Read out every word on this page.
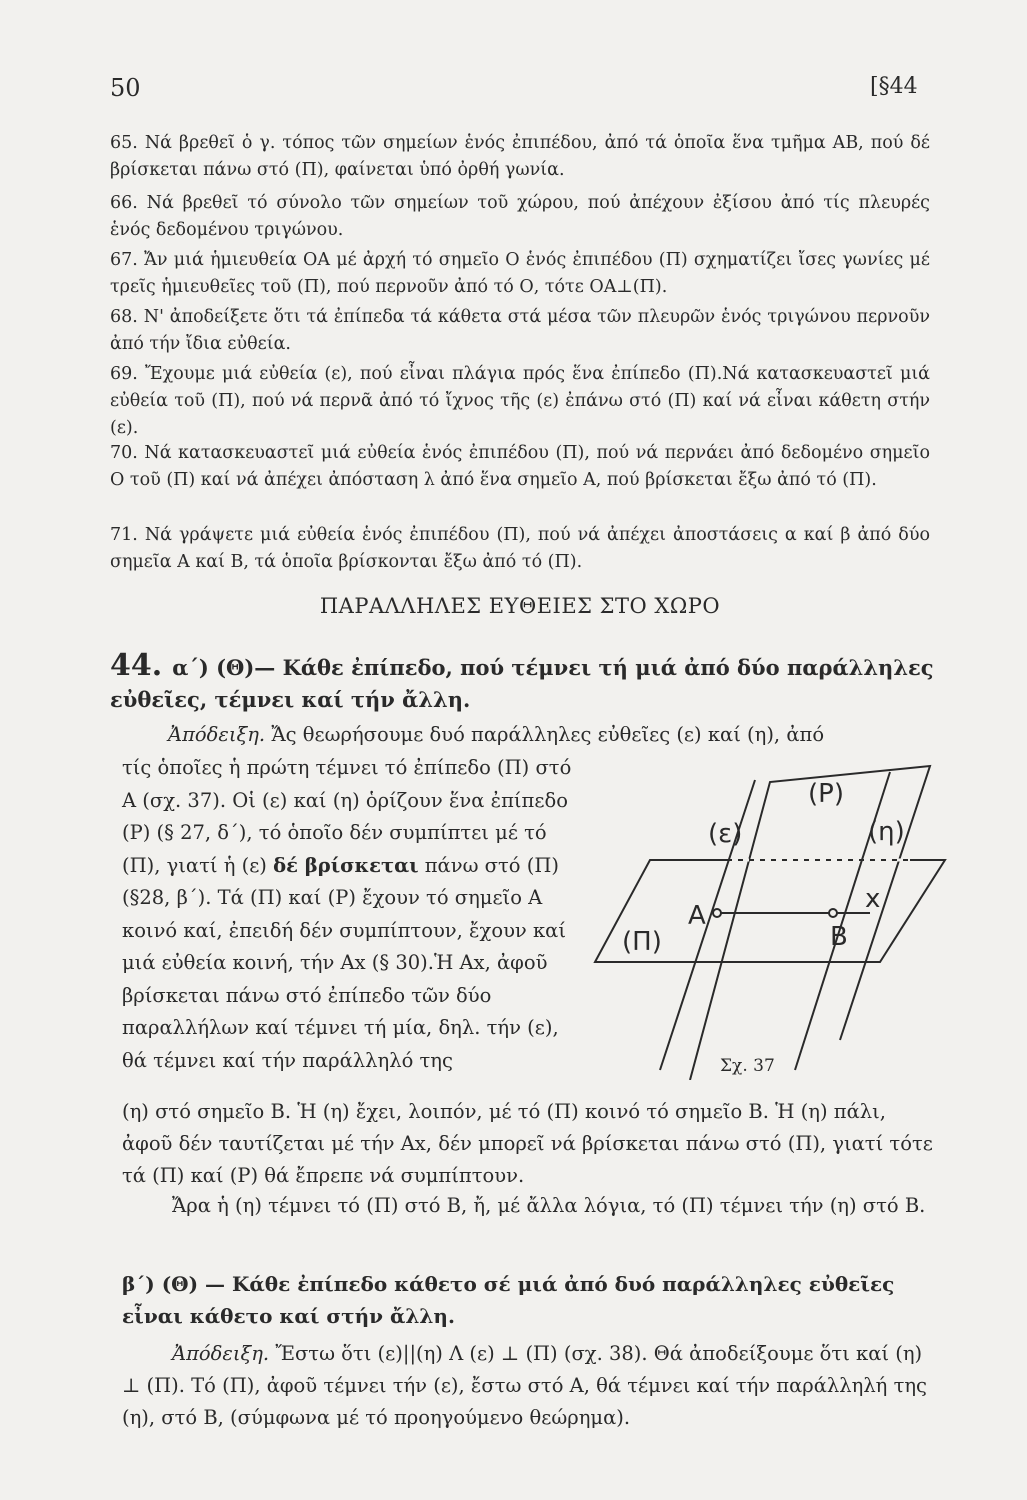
50	[§44

65. Νά βρεθεῖ ὁ γ. τόπος τῶν σημείων ἑνός ἐπιπέδου, ἀπό τά ὁποῖα ἕνα τμῆμα ΑΒ, πού δέ βρίσκεται πάνω στό (Π), φαίνεται ὑπό ὀρθή γωνία.

66. Νά βρεθεῖ τό σύνολο τῶν σημείων τοῦ χώρου, πού ἀπέχουν ἐξίσου ἀπό τίς πλευρές ἑνός δεδομένου τριγώνου.

67. Ἄν μιά ἡμιευθεία ΟΑ μέ ἀρχή τό σημεῖο Ο ἑνός ἐπιπέδου (Π) σχηματίζει ἴσες γωνίες μέ τρεῖς ἡμιευθεῖες τοῦ (Π), πού περνοῦν ἀπό τό Ο, τότε ΟΑ⊥(Π).

68. Ν' ἀποδείξετε ὅτι τά ἐπίπεδα τά κάθετα στά μέσα τῶν πλευρῶν ἑνός τριγώνου περνοῦν ἀπό τήν ἴδια εὐθεία.

69. Ἔχουμε μιά εὐθεία (ε), πού εἶναι πλάγια πρός ἕνα ἐπίπεδο (Π).Νά κατασκευαστεῖ μιά εὐθεία τοῦ (Π), πού νά περνᾶ ἀπό τό ἴχνος τῆς (ε) ἐπάνω στό (Π) καί νά εἶναι κάθετη στήν (ε).

70. Νά κατασκευαστεῖ μιά εὐθεία ἑνός ἐπιπέδου (Π), πού νά περνάει ἀπό δεδομένο σημεῖο Ο τοῦ (Π) καί νά ἀπέχει ἀπόσταση λ ἀπό ἕνα σημεῖο Α, πού βρίσκεται ἔξω ἀπό τό (Π).

71. Νά γράψετε μιά εὐθεία ἑνός ἐπιπέδου (Π), πού νά ἀπέχει ἀποστάσεις α καί β ἀπό δύο σημεῖα Α καί Β, τά ὁποῖα βρίσκονται ἔξω ἀπό τό (Π).

ΠΑΡΑΛΛΗΛΕΣ ΕΥΘΕΙΕΣ ΣΤΟ ΧΩΡΟ

44. α΄) (Θ)— Κάθε ἐπίπεδο, πού τέμνει τή μιά ἀπό δύο παράλληλες εὐθεῖες, τέμνει καί τήν ἄλλη.

Ἀπόδειξη. Ἄς θεωρήσουμε δυό παράλληλες εὐθεῖες (ε) καί (η), ἀπό

τίς ὁποῖες ἡ πρώτη τέμνει τό ἐπίπεδο (Π) στό Α (σχ. 37). Οἱ (ε) καί (η) ὁρίζουν ἕνα ἐπίπεδο (Ρ) (§ 27, δ΄), τό ὁποῖο δέν συμπίπτει μέ τό (Π), γιατί ἡ (ε) δέ βρίσκεται πάνω στό (Π) (§28, β΄). Τά (Π) καί (Ρ) ἔχουν τό σημεῖο Α κοινό καί, ἐπειδή δέν συμπίπτουν, ἔχουν καί μιά εὐθεία κοινή, τήν Αx (§ 30).Ἡ Αx, ἀφοῦ βρίσκεται πάνω στό ἐπίπεδο τῶν δύο παραλλήλων καί τέμνει τή μία, δηλ. τήν (ε), θά τέμνει καί τήν παράλληλό της

(Ρ)
(ε)	(η)
x
Α
Β
(Π)
Σχ. 37

(η) στό σημεῖο Β. Ἡ (η) ἔχει, λοιπόν, μέ τό (Π) κοινό τό σημεῖο Β. Ἡ (η) πάλι, ἀφοῦ δέν ταυτίζεται μέ τήν Αx, δέν μπορεῖ νά βρίσκεται πάνω στό (Π), γιατί τότε τά (Π) καί (Ρ) θά ἔπρεπε νά συμπίπτουν.

Ἄρα ἡ (η) τέμνει τό (Π) στό Β, ἤ, μέ ἄλλα λόγια, τό (Π) τέμνει τήν (η) στό Β.

β΄) (Θ) — Κάθε ἐπίπεδο κάθετο σέ μιά ἀπό δυό παράλληλες εὐθεῖες εἶναι κάθετο καί στήν ἄλλη.

Ἀπόδειξη. Ἔστω ὅτι (ε)||(η) Λ (ε) ⊥ (Π) (σχ. 38). Θά ἀποδείξουμε ὅτι καί (η) ⊥ (Π). Τό (Π), ἀφοῦ τέμνει τήν (ε), ἔστω στό Α, θά τέμνει καί τήν παράλληλή της (η), στό Β, (σύμφωνα μέ τό προηγούμενο θεώρημα).
